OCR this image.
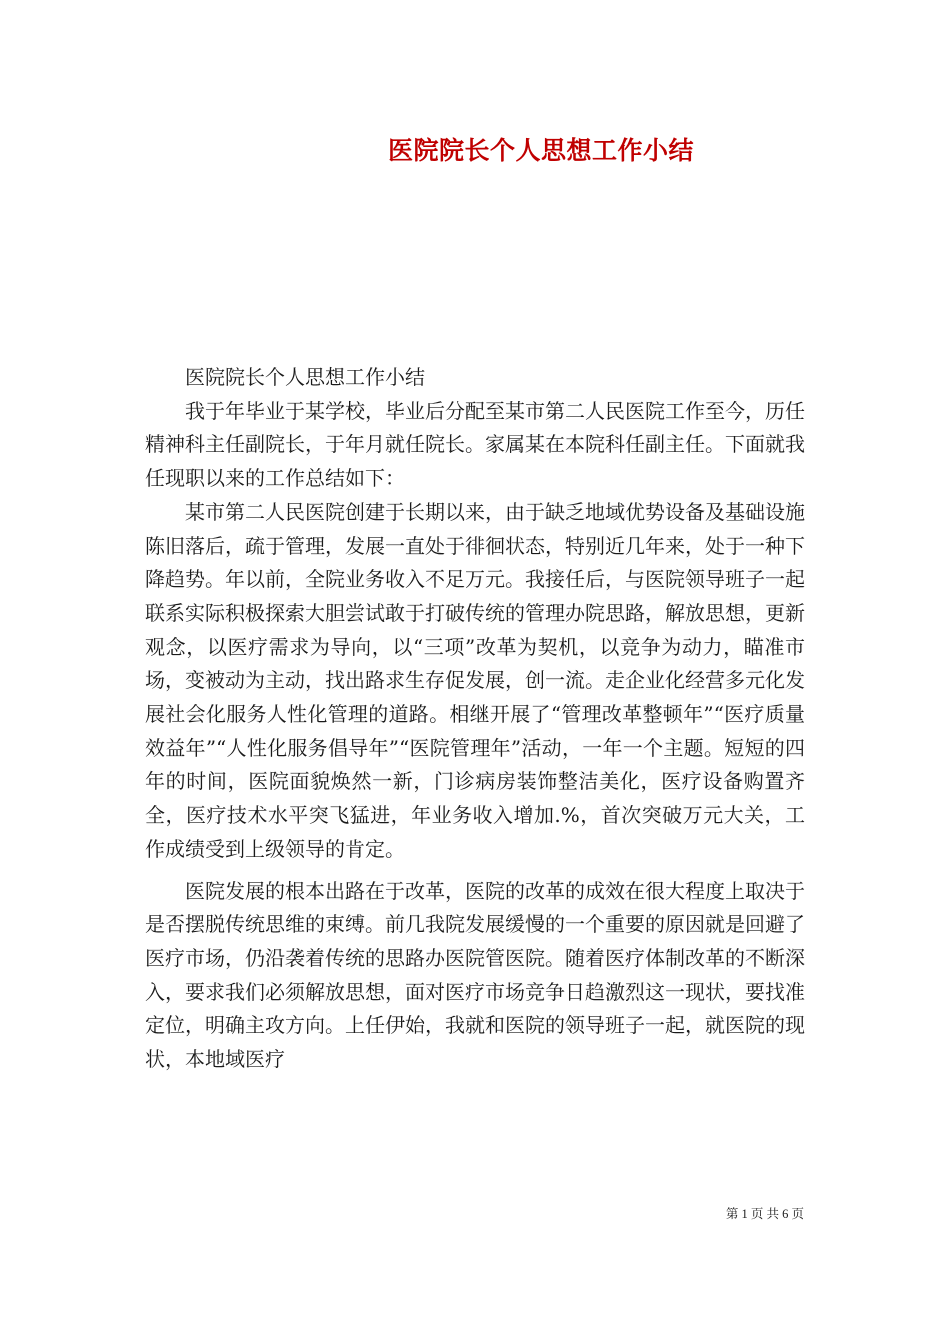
医院院长个人思想工作小结

医院院长个人思想工作小结

我于年毕业于某学校，毕业后分配至某市第二人民医院工作至今，历任精神科主任副院长，于年月就任院长。家属某在本院科任副主任。下面就我任现职以来的工作总结如下：

某市第二人民医院创建于长期以来，由于缺乏地域优势设备及基础设施陈旧落后，疏于管理，发展一直处于徘徊状态，特别近几年来，处于一种下降趋势。年以前，全院业务收入不足万元。我接任后，与医院领导班子一起联系实际积极探索大胆尝试敢于打破传统的管理办院思路，解放思想，更新观念，以医疗需求为导向，以“三项”改革为契机，以竞争为动力，瞄准市场，变被动为主动，找出路求生存促发展，创一流。走企业化经营多元化发展社会化服务人性化管理的道路。相继开展了“管理改革整顿年”“医疗质量效益年”“人性化服务倡导年”“医院管理年”活动，一年一个主题。短短的四年的时间，医院面貌焕然一新，门诊病房装饰整洁美化，医疗设备购置齐全，医疗技术水平突飞猛进，年业务收入增加.%，首次突破万元大关，工作成绩受到上级领导的肯定。

医院发展的根本出路在于改革，医院的改革的成效在很大程度上取决于是否摆脱传统思维的束缚。前几我院发展缓慢的一个重要的原因就是回避了医疗市场，仍沿袭着传统的思路办医院管医院。随着医疗体制改革的不断深入，要求我们必须解放思想，面对医疗市场竞争日趋激烈这一现状，要找准定位，明确主攻方向。上任伊始，我就和医院的领导班子一起，就医院的现状，本地域医疗

第 1 页 共 6 页
